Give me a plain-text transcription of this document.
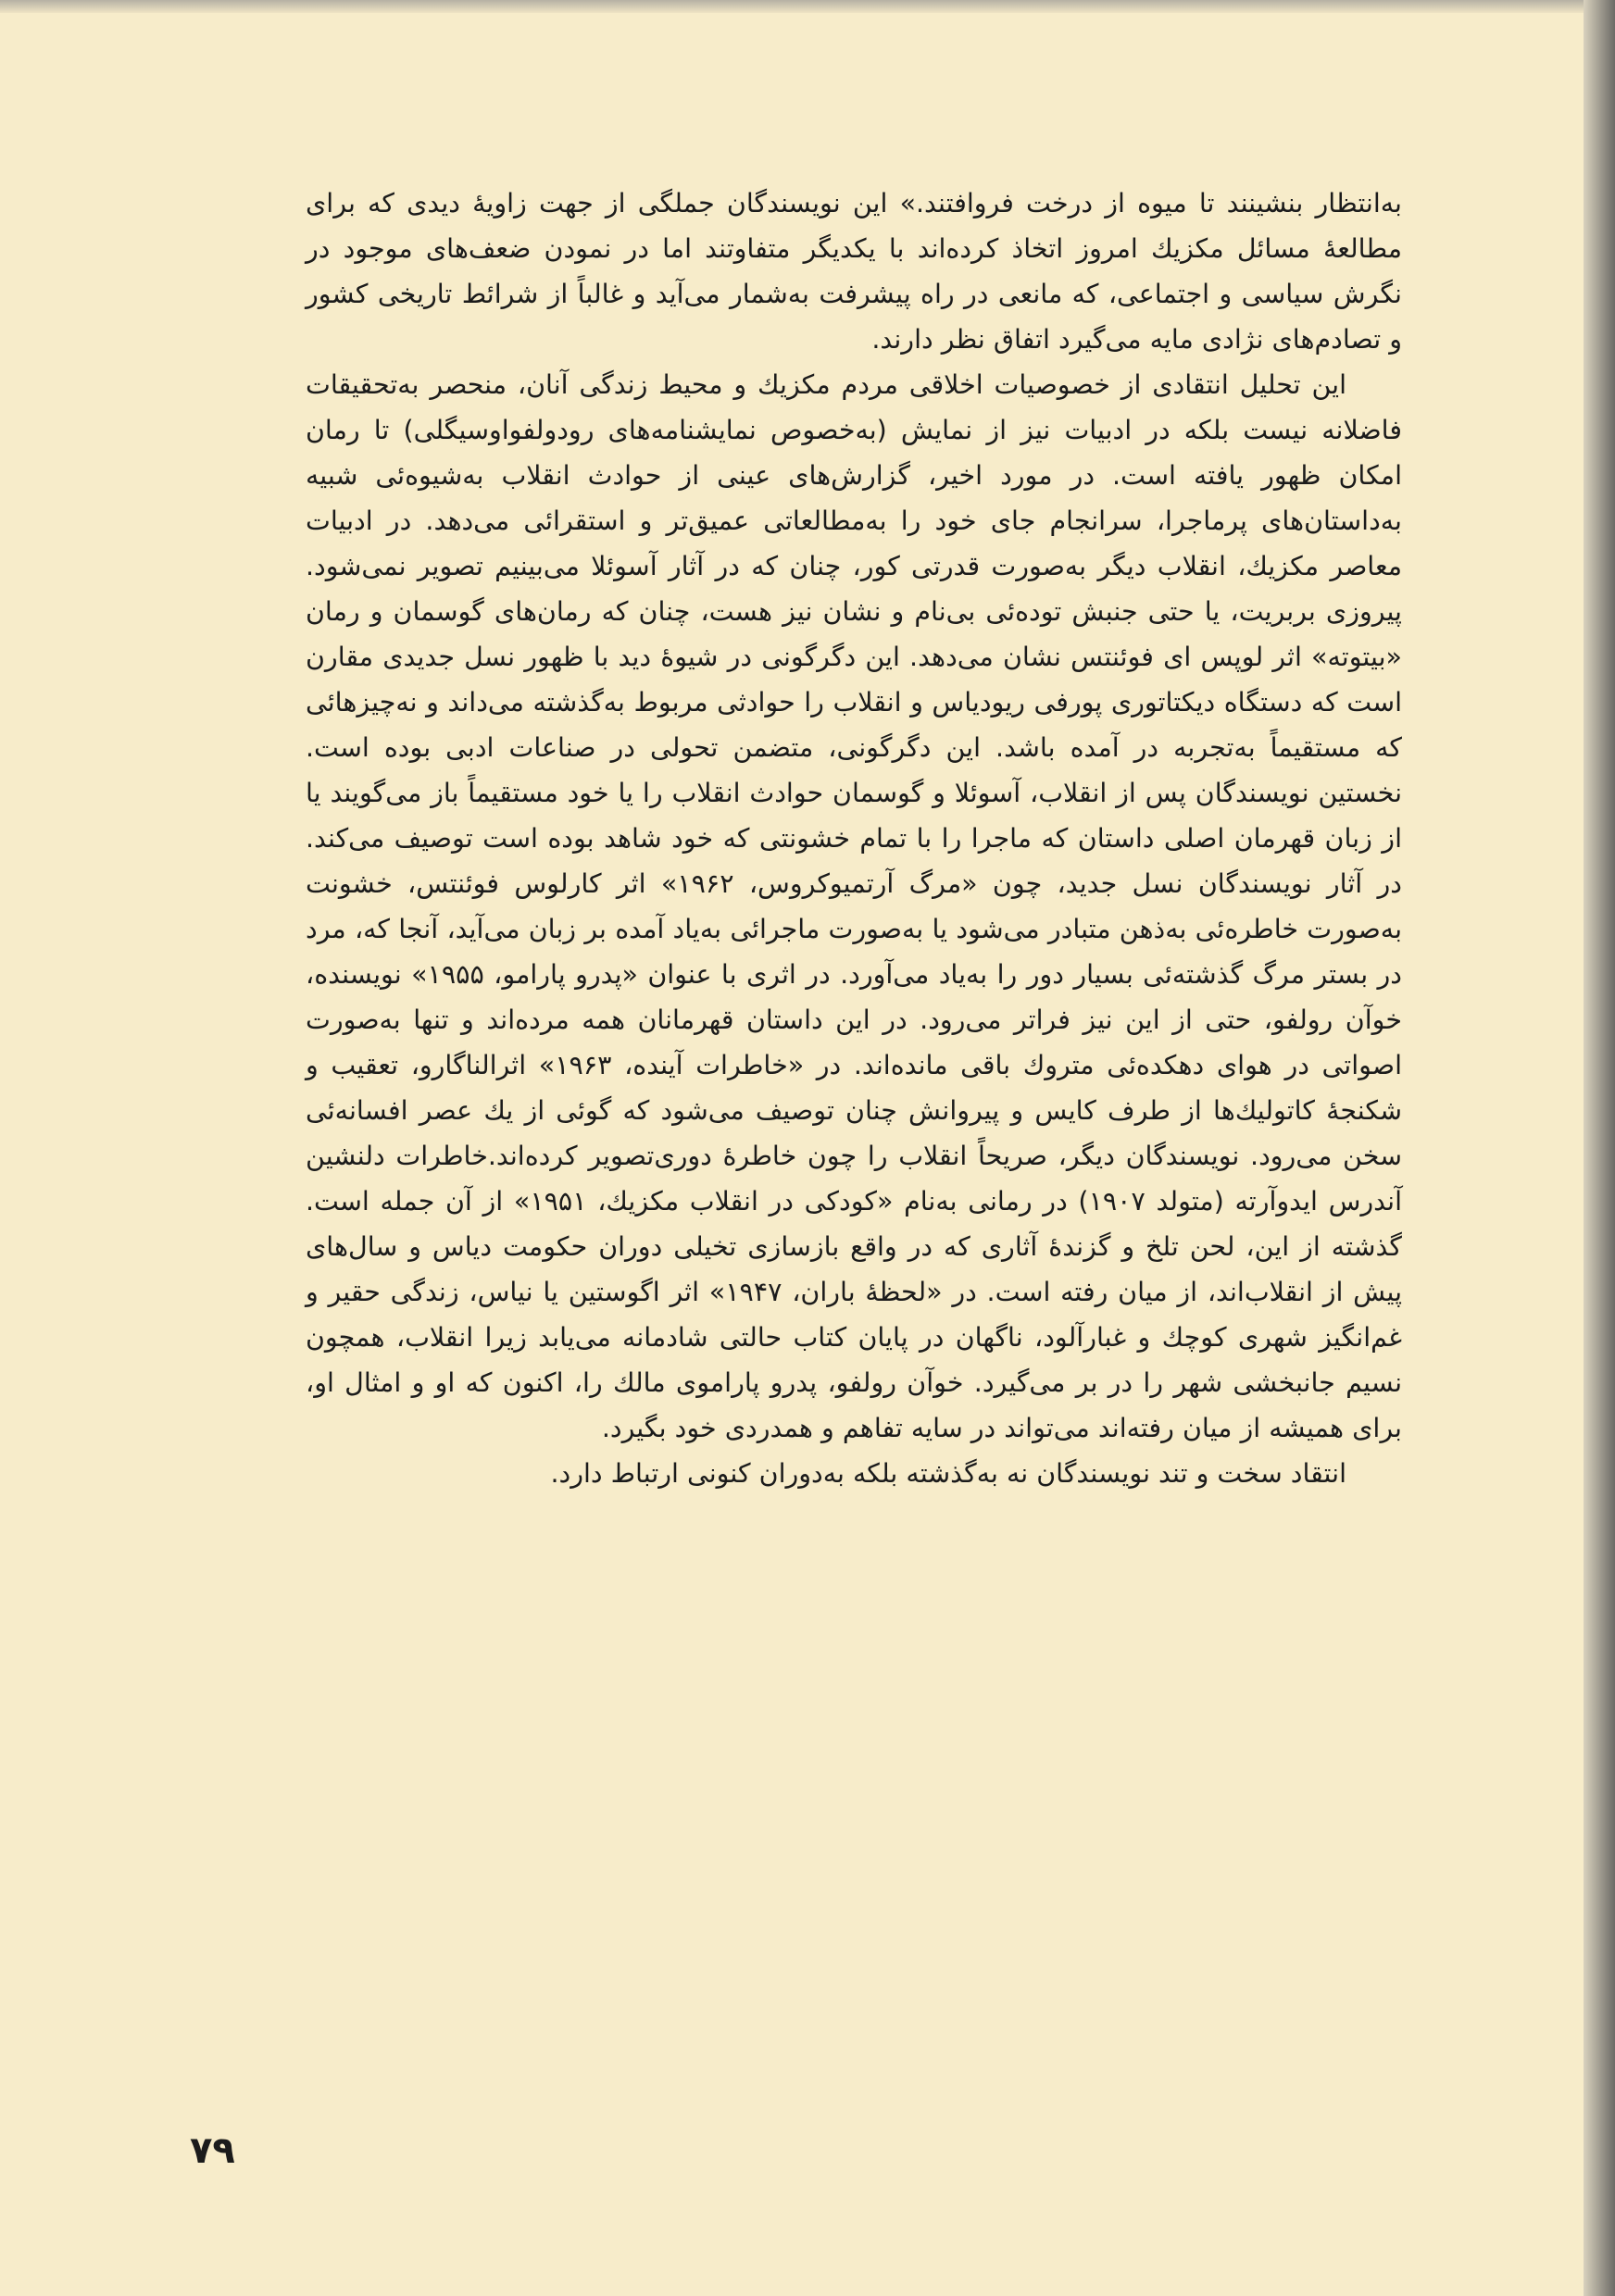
به‌انتظار بنشینند تا میوه از درخت فروافتند.» این نویسندگان جملگی از جهت زاویهٔ دیدی که برای مطالعهٔ مسائل مکزیك امروز اتخاذ کرده‌اند با یکدیگر متفاوتند اما در نمودن ضعف‌های موجود در نگرش سیاسی و اجتماعی، که مانعی در راه پیشرفت به‌شمار می‌آید و غالباً از شرائط تاریخی کشور و تصادم‌های نژادی مایه می‌گیرد اتفاق نظر دارند.

این تحلیل انتقادی از خصوصیات اخلاقی مردم مکزیك و محیط زندگی آنان، منحصر به‌تحقیقات فاضلانه نیست بلکه در ادبیات نیز از نمایش (به‌خصوص نمایشنامه‌های رودولفواوسیگلی) تا رمان امکان ظهور یافته است. در مورد اخیر، گزارش‌های عینی از حوادث انقلاب به‌شیوه‌ئی شبیه به‌داستان‌های پرماجرا، سرانجام جای خود را به‌مطالعاتی عمیق‌تر و استقرائی می‌دهد. در ادبیات معاصر مکزیك، انقلاب دیگر به‌صورت قدرتی کور، چنان که در آثار آسوئلا می‌بینیم تصویر نمی‌شود. پیروزی بربریت، یا حتی جنبش توده‌ئی بی‌نام و نشان نیز هست، چنان که رمان‌های گوسمان و رمان «بیتوته» اثر لوپس ای فوئنتس نشان می‌دهد. این دگرگونی در شیوهٔ دید با ظهور نسل جدیدی مقارن است که دستگاه دیکتاتوری پورفی ریودیاس و انقلاب را حوادثی مربوط به‌گذشته می‌داند و نه‌چیزهائی که مستقیماً به‌تجربه در آمده باشد. این دگرگونی، متضمن تحولی در صناعات ادبی بوده است. نخستین نویسندگان پس از انقلاب، آسوئلا و گوسمان حوادث انقلاب را یا خود مستقیماً باز می‌گویند یا از زبان قهرمان اصلی داستان که ماجرا را با تمام خشونتی که خود شاهد بوده است توصیف می‌کند. در آثار نویسندگان نسل جدید، چون «مرگ آرتمیوکروس، ۱۹۶۲» اثر کارلوس فوئنتس، خشونت به‌صورت خاطره‌ئی به‌ذهن متبادر می‌شود یا به‌صورت ماجرائی به‌یاد آمده بر زبان می‌آید، آنجا که، مرد در بستر مرگ گذشته‌ئی بسیار دور را به‌یاد می‌آورد. در اثری با عنوان «پدرو پارامو، ۱۹۵۵» نویسنده، خوآن رولفو، حتی از این نیز فراتر می‌رود. در این داستان قهرمانان همه مرده‌اند و تنها به‌صورت اصواتی در هوای دهکده‌ئی متروك باقی مانده‌اند. در «خاطرات آینده، ۱۹۶۳» اثرالناگارو، تعقیب و شکنجهٔ کاتولیك‌ها از طرف کایس و پیروانش چنان توصیف می‌شود که گوئی از یك عصر افسانه‌ئی سخن می‌رود. نویسندگان دیگر، صریحاً انقلاب را چون خاطرهٔ دوری‌تصویر کرده‌اند.خاطرات دلنشین آندرس ایدوآرته (متولد ۱۹۰۷) در رمانی به‌نام «کودکی در انقلاب مکزیك، ۱۹۵۱» از آن جمله است. گذشته از این، لحن تلخ و گزندهٔ آثاری که در واقع بازسازی تخیلی دوران حکومت دیاس و سال‌های پیش از انقلاب‌اند، از میان رفته است. در «لحظهٔ باران، ۱۹۴۷» اثر اگوستین یا نیاس، زندگی حقیر و غم‌انگیز شهری کوچك و غبارآلود، ناگهان در پایان کتاب حالتی شادمانه می‌یابد زیرا انقلاب، همچون نسیم جانبخشی شهر را در بر می‌گیرد. خوآن رولفو، پدرو پاراموی مالك را، اکنون که او و امثال او، برای همیشه از میان رفته‌اند می‌تواند در سایه تفاهم و همدردی خود بگیرد.

انتقاد سخت و تند نویسندگان نه به‌گذشته بلکه به‌دوران کنونی ارتباط دارد.

۷۹
